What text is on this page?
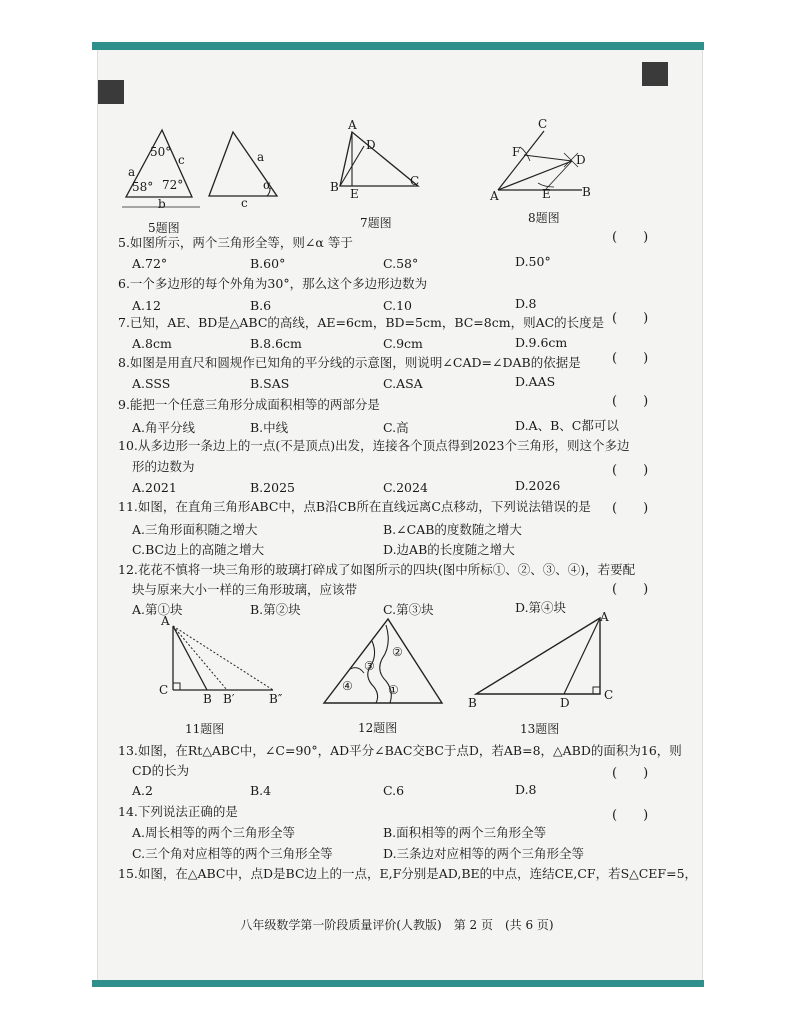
50°
c
a
58° 72°
b
5题图
a
α
c
A
D
B E
C
7题图
C
F
D
A	E	B
8题图
5.如图所示，两个三角形全等，则∠α 等于	(　　)
A.72°	B.60°	C.58°	D.50°
6.一个多边形的每个外角为30°，那么这个多边形边数为
A.12	B.6	C.10	D.8
7.已知，AE、BD是△ABC的高线，AE=6cm，BD=5cm，BC=8cm，则AC的长度是 (　　)
A.8cm	B.8.6cm	C.9cm	D.9.6cm
8.如图是用直尺和圆规作已知角的平分线的示意图，则说明∠CAD=∠DAB的依据是 (　　)
A.SSS	B.SAS	C.ASA	D.AAS
9.能把一个任意三角形分成面积相等的两部分是	(　　)
A.角平分线	B.中线	C.高	D.A、B、C都可以
10.从多边形一条边上的一点(不是顶点)出发，连接各个顶点得到2023个三角形，则这个多边
形的边数为	(　　)
A.2021	B.2025	C.2024	D.2026
11.如图，在直角三角形ABC中，点B沿CB所在直线远离C点移动，下列说法错误的是 (　　)
A.三角形面积随之增大	B.∠CAB的度数随之增大
C.BC边上的高随之增大	D.边AB的长度随之增大
12.花花不慎将一块三角形的玻璃打碎成了如图所示的四块(图中所标①、②、③、④)，若要配
块与原来大小一样的三角形玻璃，应该带	(　　)
A.第①块	B.第②块	C.第③块	D.第④块
A
C
B B′	B″
11题图
②
③
④	①
12题图
A
B	D
C
13题图
13.如图，在Rt△ABC中，∠C=90°，AD平分∠BAC交BC于点D，若AB=8，△ABD的面积为16，则
CD的长为	(　　)
A.2	B.4	C.6	D.8
14.下列说法正确的是	(　　)
A.周长相等的两个三角形全等	B.面积相等的两个三角形全等
C.三个角对应相等的两个三角形全等	D.三条边对应相等的两个三角形全等
15.如图，在△ABC中，点D是BC边上的一点，E,F分别是AD,BE的中点，连结CE,CF，若S△CEF=5，
八年级数学第一阶段质量评价(人教版)　第 2 页　(共 6 页)
